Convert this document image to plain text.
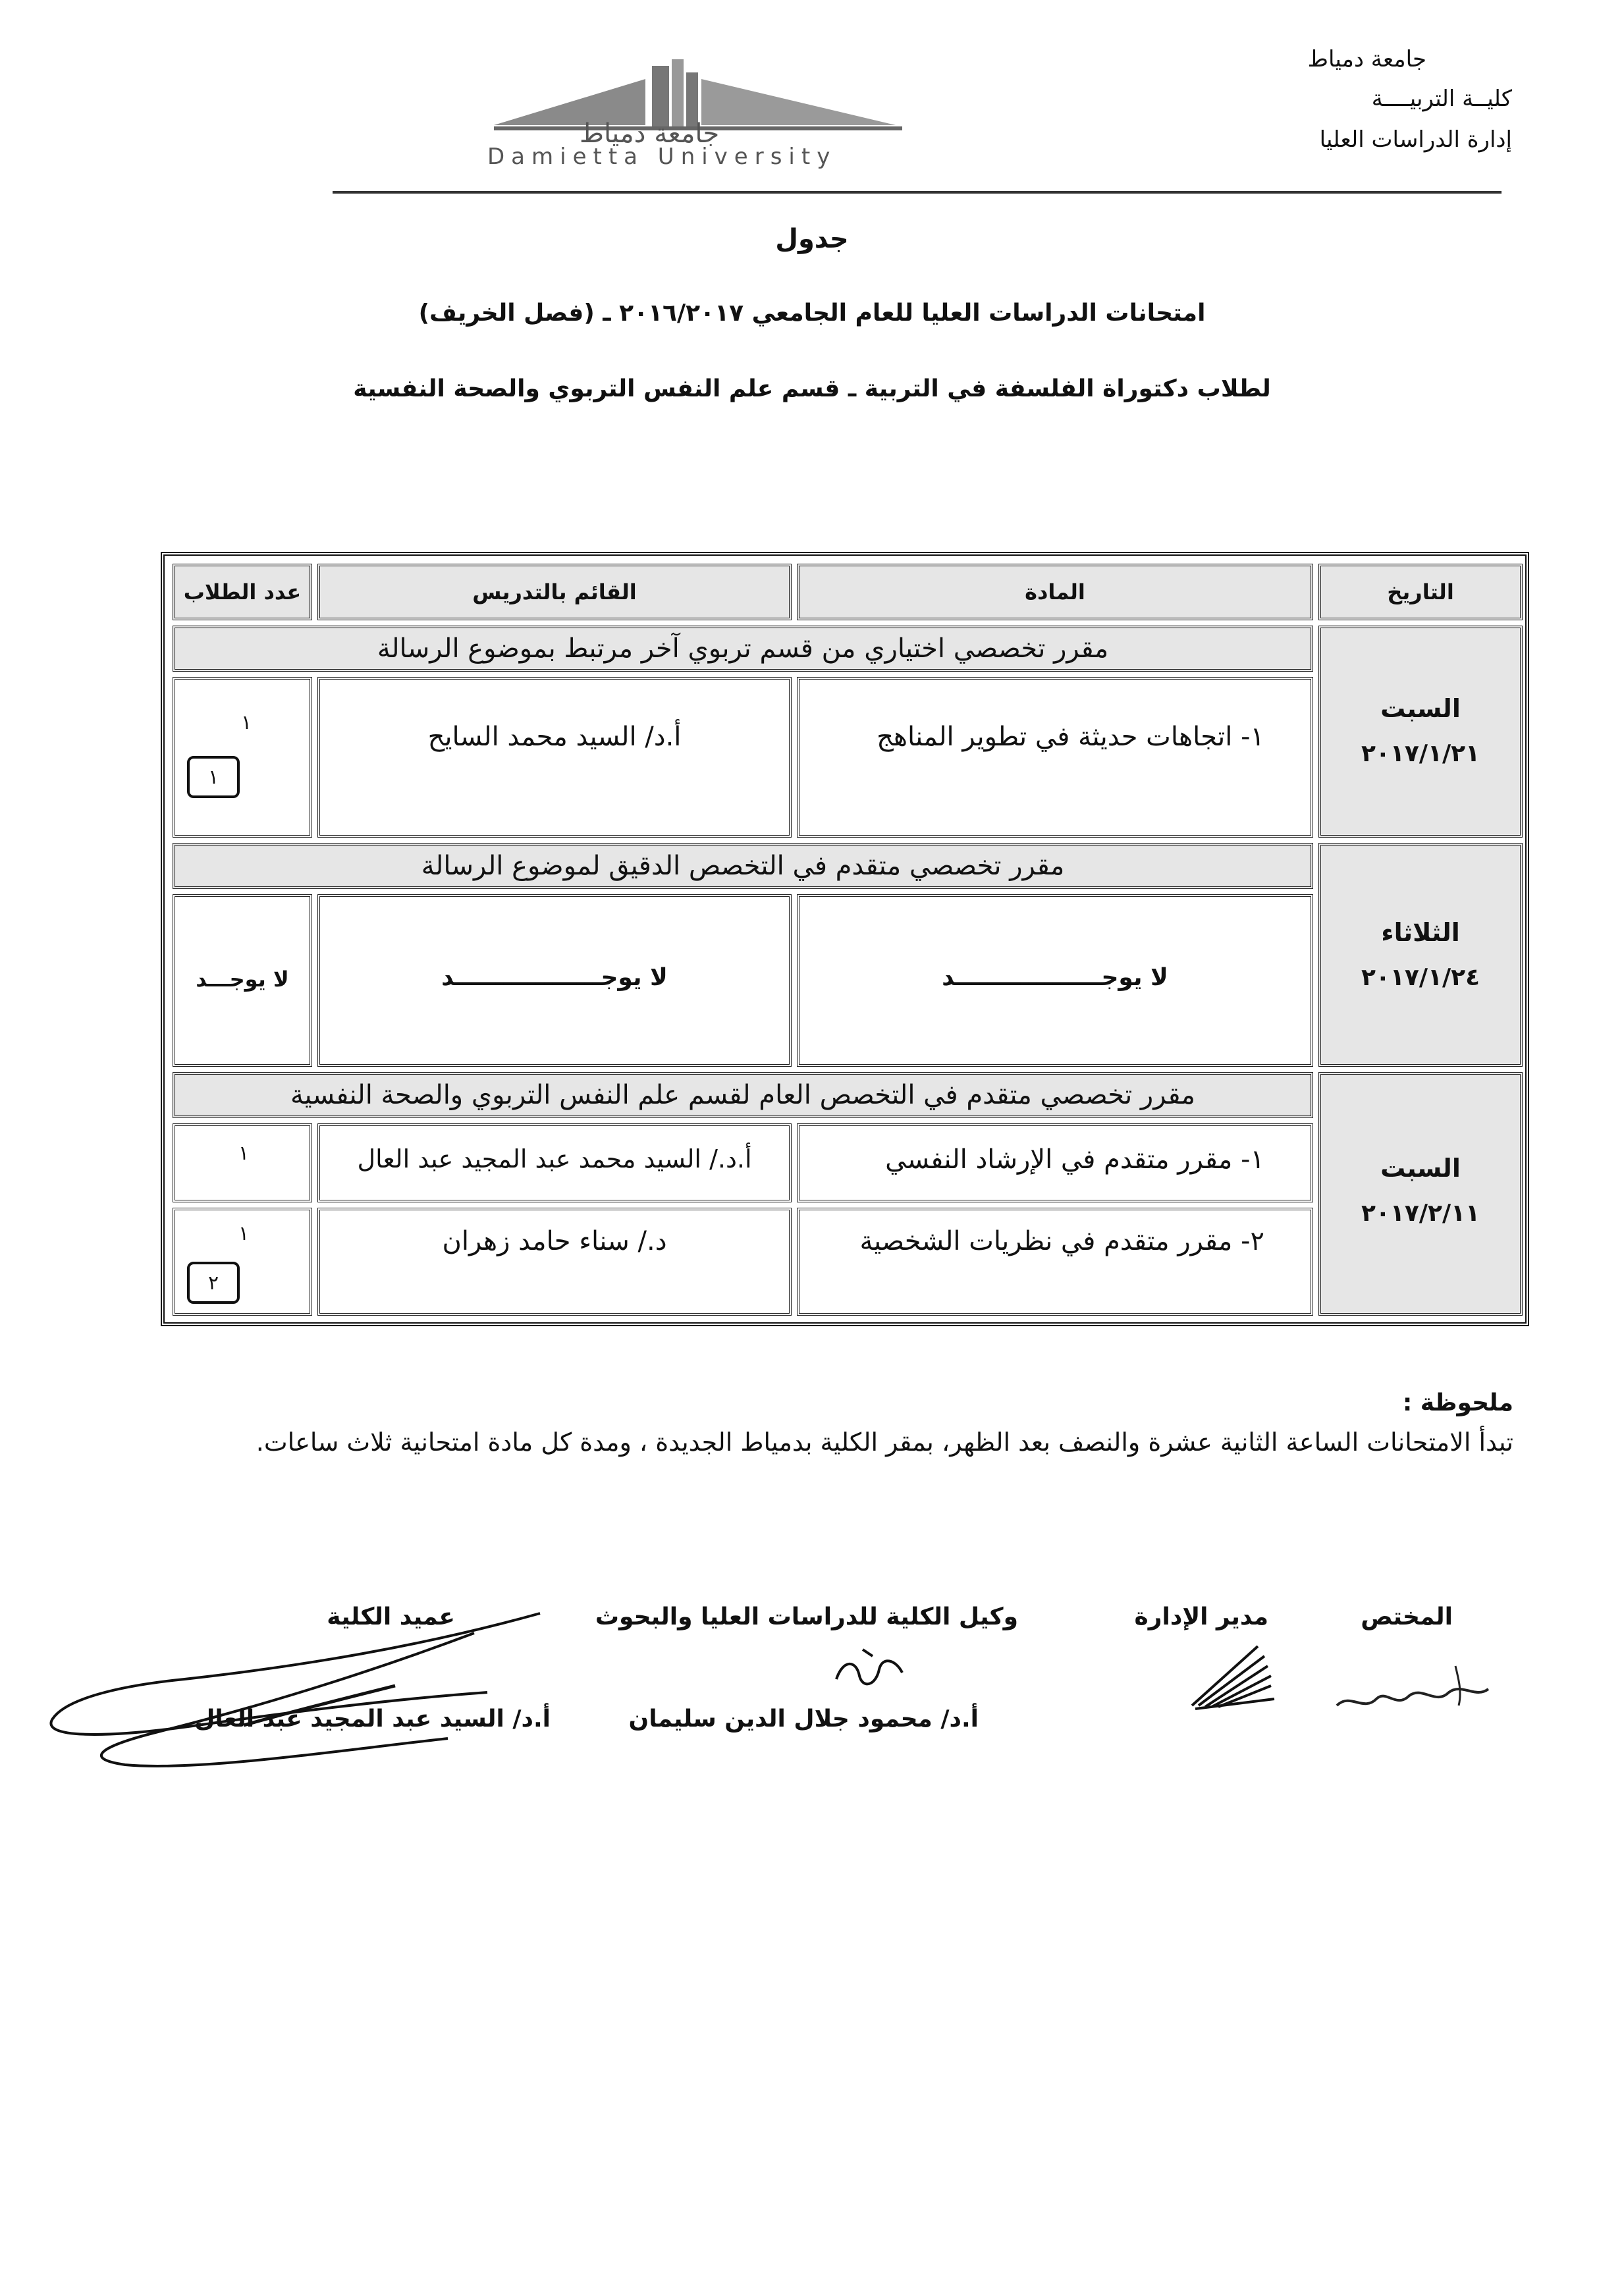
جامعة دمياط
كليــة التربيــــة
إدارة الدراسات العليا
جامعة دمياط
Damietta University
جدول
امتحانات الدراسات العليا للعام الجامعي ٢٠١٦/٢٠١٧ ـ (فصل الخريف)
لطلاب دكتوراة الفلسفة في التربية ـ قسم علم النفس التربوي والصحة النفسية
التاريخ
المادة
القائم بالتدريس
عدد الطلاب
السبت
٢٠١٧/١/٢١
مقرر تخصصي اختياري من قسم تربوي آخر مرتبط بموضوع الرسالة
١- اتجاهات حديثة في تطوير المناهج
أ.د/ السيد محمد السايح
١
١
الثلاثاء
٢٠١٧/١/٢٤
مقرر تخصصي متقدم في التخصص الدقيق لموضوع الرسالة
لا يوجــــــــــــــــــد
لا يوجــــــــــــــــــد
لا يوجـــد
السبت
٢٠١٧/٢/١١
مقرر تخصصي متقدم في التخصص العام لقسم علم النفس التربوي والصحة النفسية
١- مقرر متقدم في الإرشاد النفسي
أ.د./ السيد محمد عبد المجيد عبد العال
١
٢- مقرر متقدم في نظريات الشخصية
د./ سناء حامد زهران
١
٢
ملحوظة :
تبدأ الامتحانات الساعة الثانية عشرة والنصف بعد الظهر، بمقر الكلية بدمياط الجديدة ، ومدة كل مادة امتحانية ثلاث ساعات.
المختص
مدير الإدارة
وكيل الكلية للدراسات العليا والبحوث
عميد الكلية
أ.د/ محمود جلال الدين سليمان
أ.د/ السيد عبد المجيد عبد العال
